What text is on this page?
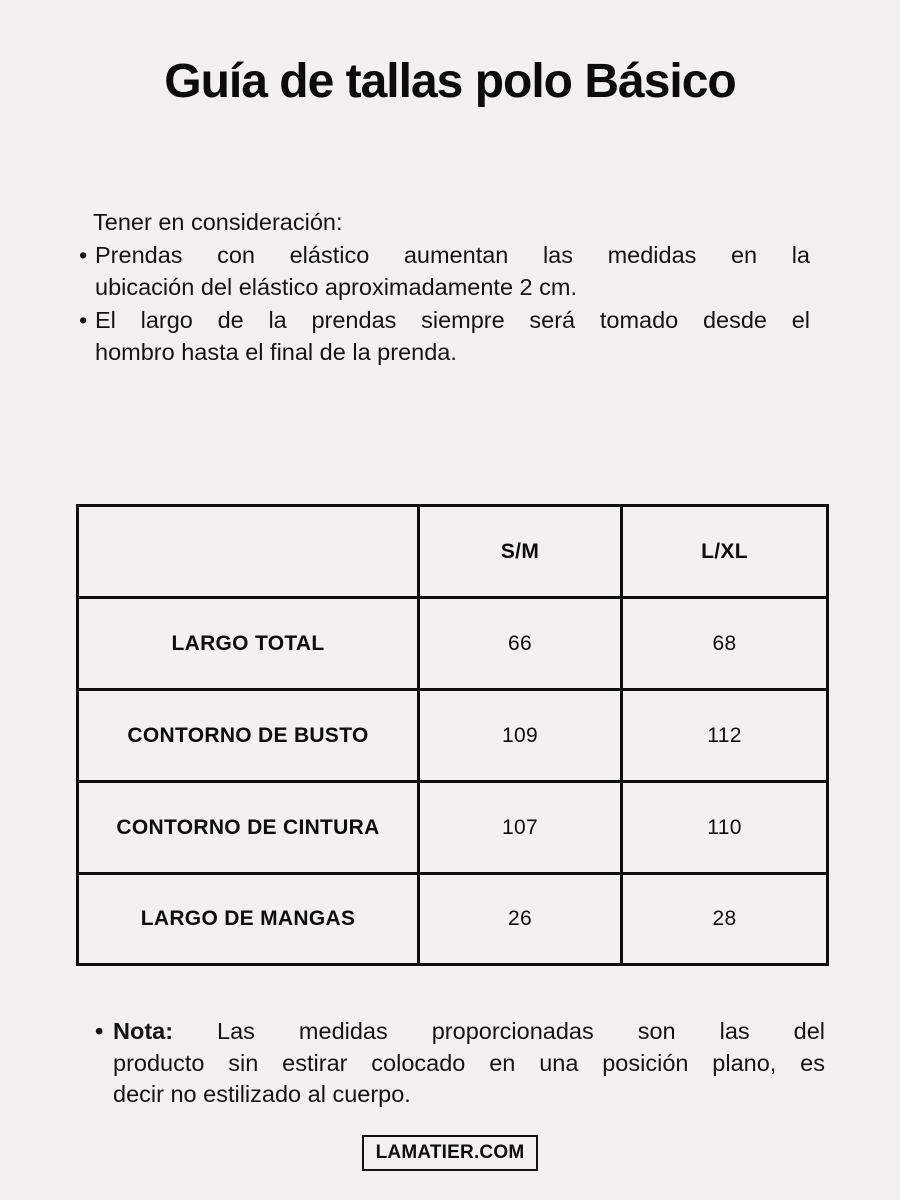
Guía de tallas polo Básico
Tener en consideración:
• Prendas con elástico aumentan las medidas en la
ubicación del elástico aproximadamente 2 cm.
• El largo de la prendas siempre será tomado desde el
hombro hasta el final de la prenda.
	S/M	L/XL
LARGO TOTAL	66	68
CONTORNO DE BUSTO	109	112
CONTORNO DE CINTURA	107	110
LARGO DE MANGAS	26	28
• Nota: Las medidas proporcionadas son las del
producto sin estirar colocado en una posición plano, es
decir no estilizado al cuerpo.
LAMATIER.COM
